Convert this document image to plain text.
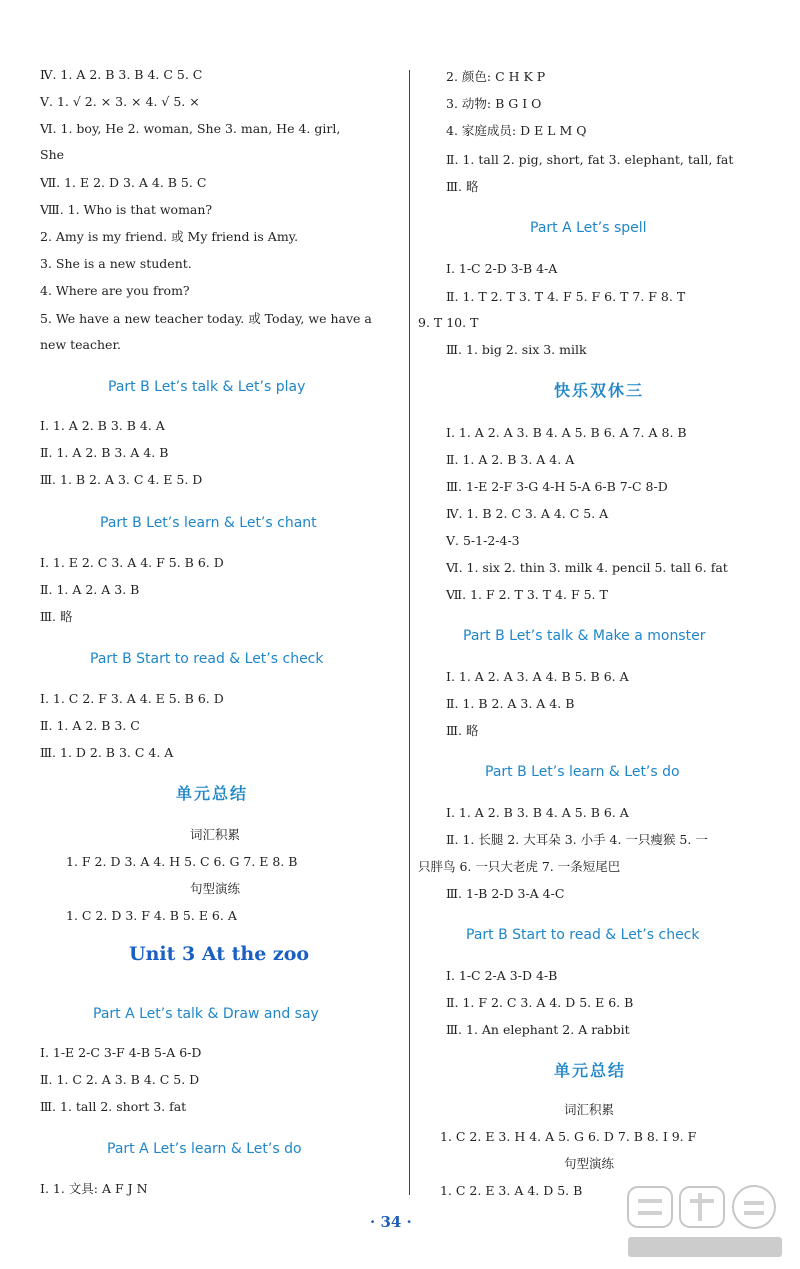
Ⅳ. 1. A 2. B 3. B 4. C 5. C
Ⅴ. 1. √ 2. × 3. × 4. √ 5. ×
Ⅵ. 1. boy, He 2. woman, She 3. man, He 4. girl,
She
Ⅶ. 1. E 2. D 3. A 4. B 5. C
Ⅷ. 1. Who is that woman?
2. Amy is my friend. 或 My friend is Amy.
3. She is a new student.
4. Where are you from?
5. We have a new teacher today. 或 Today, we have a
new teacher.
Part B Let’s talk & Let’s play
Ⅰ. 1. A 2. B 3. B 4. A
Ⅱ. 1. A 2. B 3. A 4. B
Ⅲ. 1. B 2. A 3. C 4. E 5. D
Part B Let’s learn & Let’s chant
Ⅰ. 1. E 2. C 3. A 4. F 5. B 6. D
Ⅱ. 1. A 2. A 3. B
Ⅲ. 略
Part B Start to read & Let’s check
Ⅰ. 1. C 2. F 3. A 4. E 5. B 6. D
Ⅱ. 1. A 2. B 3. C
Ⅲ. 1. D 2. B 3. C 4. A
单元总结
词汇积累
1. F 2. D 3. A 4. H 5. C 6. G 7. E 8. B
句型演练
1. C 2. D 3. F 4. B 5. E 6. A
Unit 3 At the zoo
Part A Let’s talk & Draw and say
Ⅰ. 1-E 2-C 3-F 4-B 5-A 6-D
Ⅱ. 1. C 2. A 3. B 4. C 5. D
Ⅲ. 1. tall 2. short 3. fat
Part A Let’s learn & Let’s do
Ⅰ. 1. 文具: A F J N
2. 颜色: C H K P
3. 动物: B G I O
4. 家庭成员: D E L M Q
Ⅱ. 1. tall 2. pig, short, fat 3. elephant, tall, fat
Ⅲ. 略
Part A Let’s spell
Ⅰ. 1-C 2-D 3-B 4-A
Ⅱ. 1. T 2. T 3. T 4. F 5. F 6. T 7. F 8. T
9. T 10. T
Ⅲ. 1. big 2. six 3. milk
快乐双休三
Ⅰ. 1. A 2. A 3. B 4. A 5. B 6. A 7. A 8. B
Ⅱ. 1. A 2. B 3. A 4. A
Ⅲ. 1-E 2-F 3-G 4-H 5-A 6-B 7-C 8-D
Ⅳ. 1. B 2. C 3. A 4. C 5. A
Ⅴ. 5-1-2-4-3
Ⅵ. 1. six 2. thin 3. milk 4. pencil 5. tall 6. fat
Ⅶ. 1. F 2. T 3. T 4. F 5. T
Part B Let’s talk & Make a monster
Ⅰ. 1. A 2. A 3. A 4. B 5. B 6. A
Ⅱ. 1. B 2. A 3. A 4. B
Ⅲ. 略
Part B Let’s learn & Let’s do
Ⅰ. 1. A 2. B 3. B 4. A 5. B 6. A
Ⅱ. 1. 长腿 2. 大耳朵 3. 小手 4. 一只瘦猴 5. 一
只胖鸟 6. 一只大老虎 7. 一条短尾巴
Ⅲ. 1-B 2-D 3-A 4-C
Part B Start to read & Let’s check
Ⅰ. 1-C 2-A 3-D 4-B
Ⅱ. 1. F 2. C 3. A 4. D 5. E 6. B
Ⅲ. 1. An elephant 2. A rabbit
单元总结
词汇积累
1. C 2. E 3. H 4. A 5. G 6. D 7. B 8. I 9. F
句型演练
1. C 2. E 3. A 4. D 5. B
· 34 ·
